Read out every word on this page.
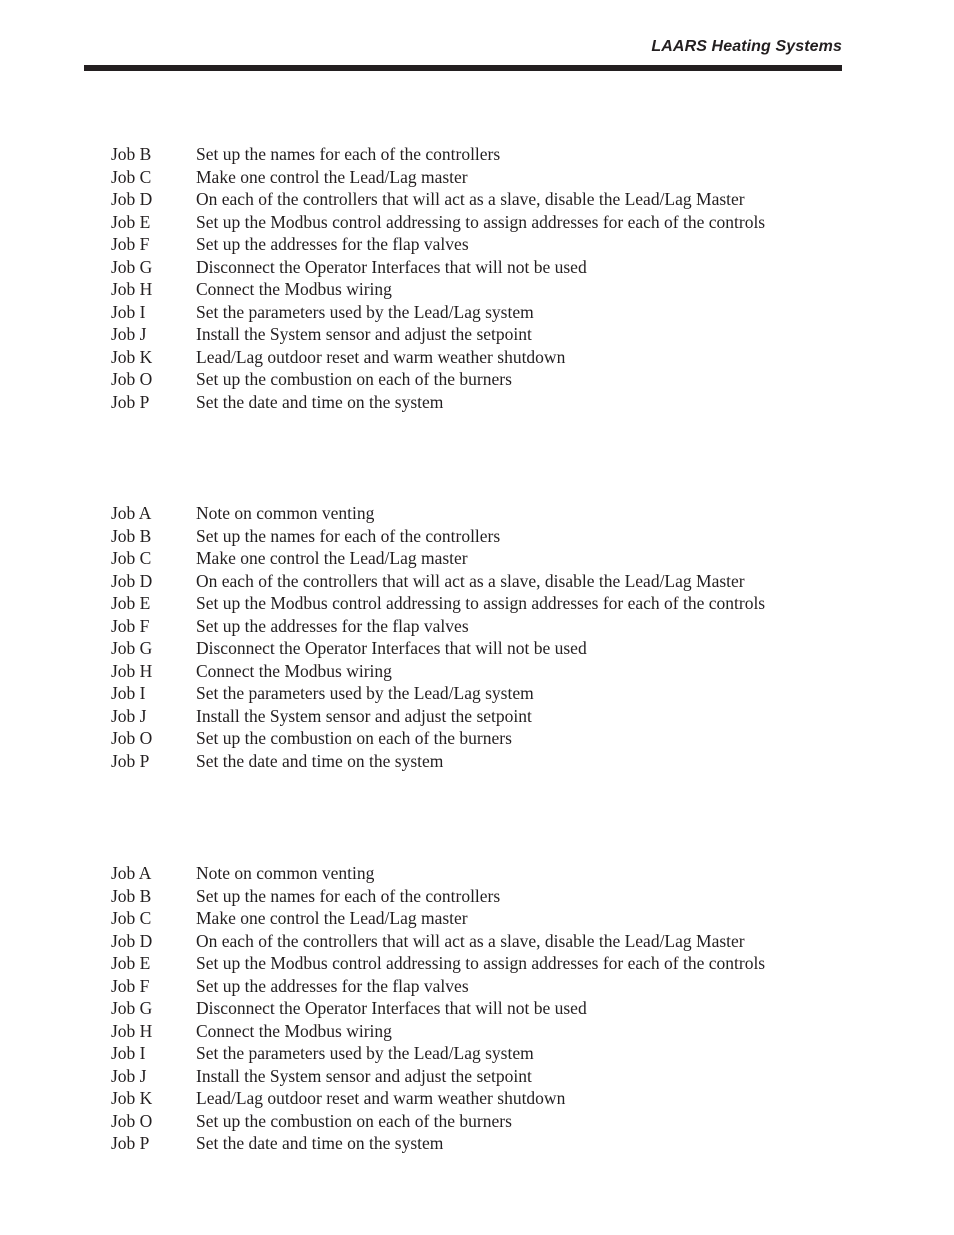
LAARS Heating Systems
Job B	Set up the names for each of the controllers
Job C	Make one control the Lead/Lag master
Job D On each of the controllers that will act as a slave, disable the Lead/Lag Master
Job E	Set up the Modbus control addressing to assign addresses for each of the controls
Job F	Set up the addresses for the flap valves
Job G Disconnect the Operator Interfaces that will not be used
Job H Connect the Modbus wiring
Job I	Set the parameters used by the Lead/Lag system
Job J	Install the System sensor and adjust the setpoint
Job K Lead/Lag outdoor reset and warm weather shutdown
Job O Set up the combustion on each of the burners
Job P	Set the date and time on the system
Job A	Note on common venting
Job B	Set up the names for each of the controllers
Job C	Make one control the Lead/Lag master
Job D On each of the controllers that will act as a slave, disable the Lead/Lag Master
Job E	Set up the Modbus control addressing to assign addresses for each of the controls
Job F	Set up the addresses for the flap valves
Job G Disconnect the Operator Interfaces that will not be used
Job H Connect the Modbus wiring
Job I	Set the parameters used by the Lead/Lag system
Job J	Install the System sensor and adjust the setpoint
Job O Set up the combustion on each of the burners
Job P	Set the date and time on the system
Job A	Note on common venting
Job B	Set up the names for each of the controllers
Job C	Make one control the Lead/Lag master
Job D On each of the controllers that will act as a slave, disable the Lead/Lag Master
Job E	Set up the Modbus control addressing to assign addresses for each of the controls
Job F	Set up the addresses for the flap valves
Job G Disconnect the Operator Interfaces that will not be used
Job H Connect the Modbus wiring
Job I	Set the parameters used by the Lead/Lag system
Job J	Install the System sensor and adjust the setpoint
Job K Lead/Lag outdoor reset and warm weather shutdown
Job O Set up the combustion on each of the burners
Job P	Set the date and time on the system
